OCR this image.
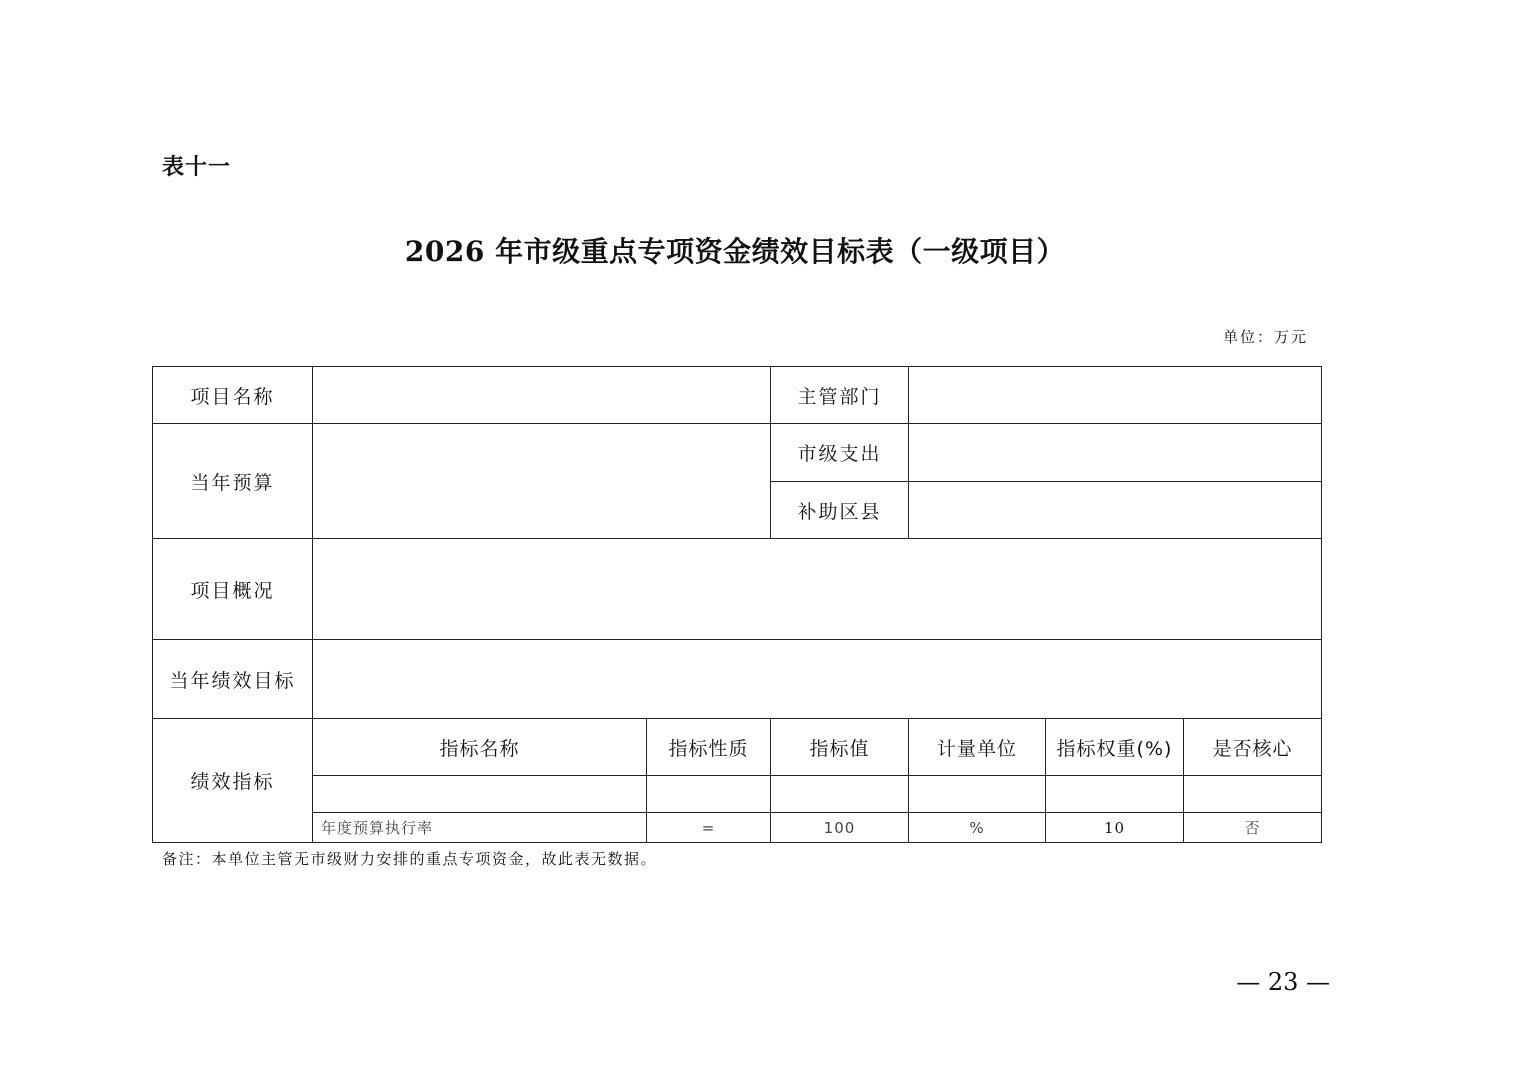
表十一
2026 年市级重点专项资金绩效目标表（一级项目）
单位：万元
项目名称			主管部门			
当年预算			市级支出			
			补助区县			
项目概况						
当年绩效目标						
绩效指标	指标名称	指标性质	指标值	计量单位	指标权重(%)	是否核心

	年度预算执行率	=	100	%	10	否
备注：本单位主管无市级财力安排的重点专项资金，故此表无数据。
— 23 —
